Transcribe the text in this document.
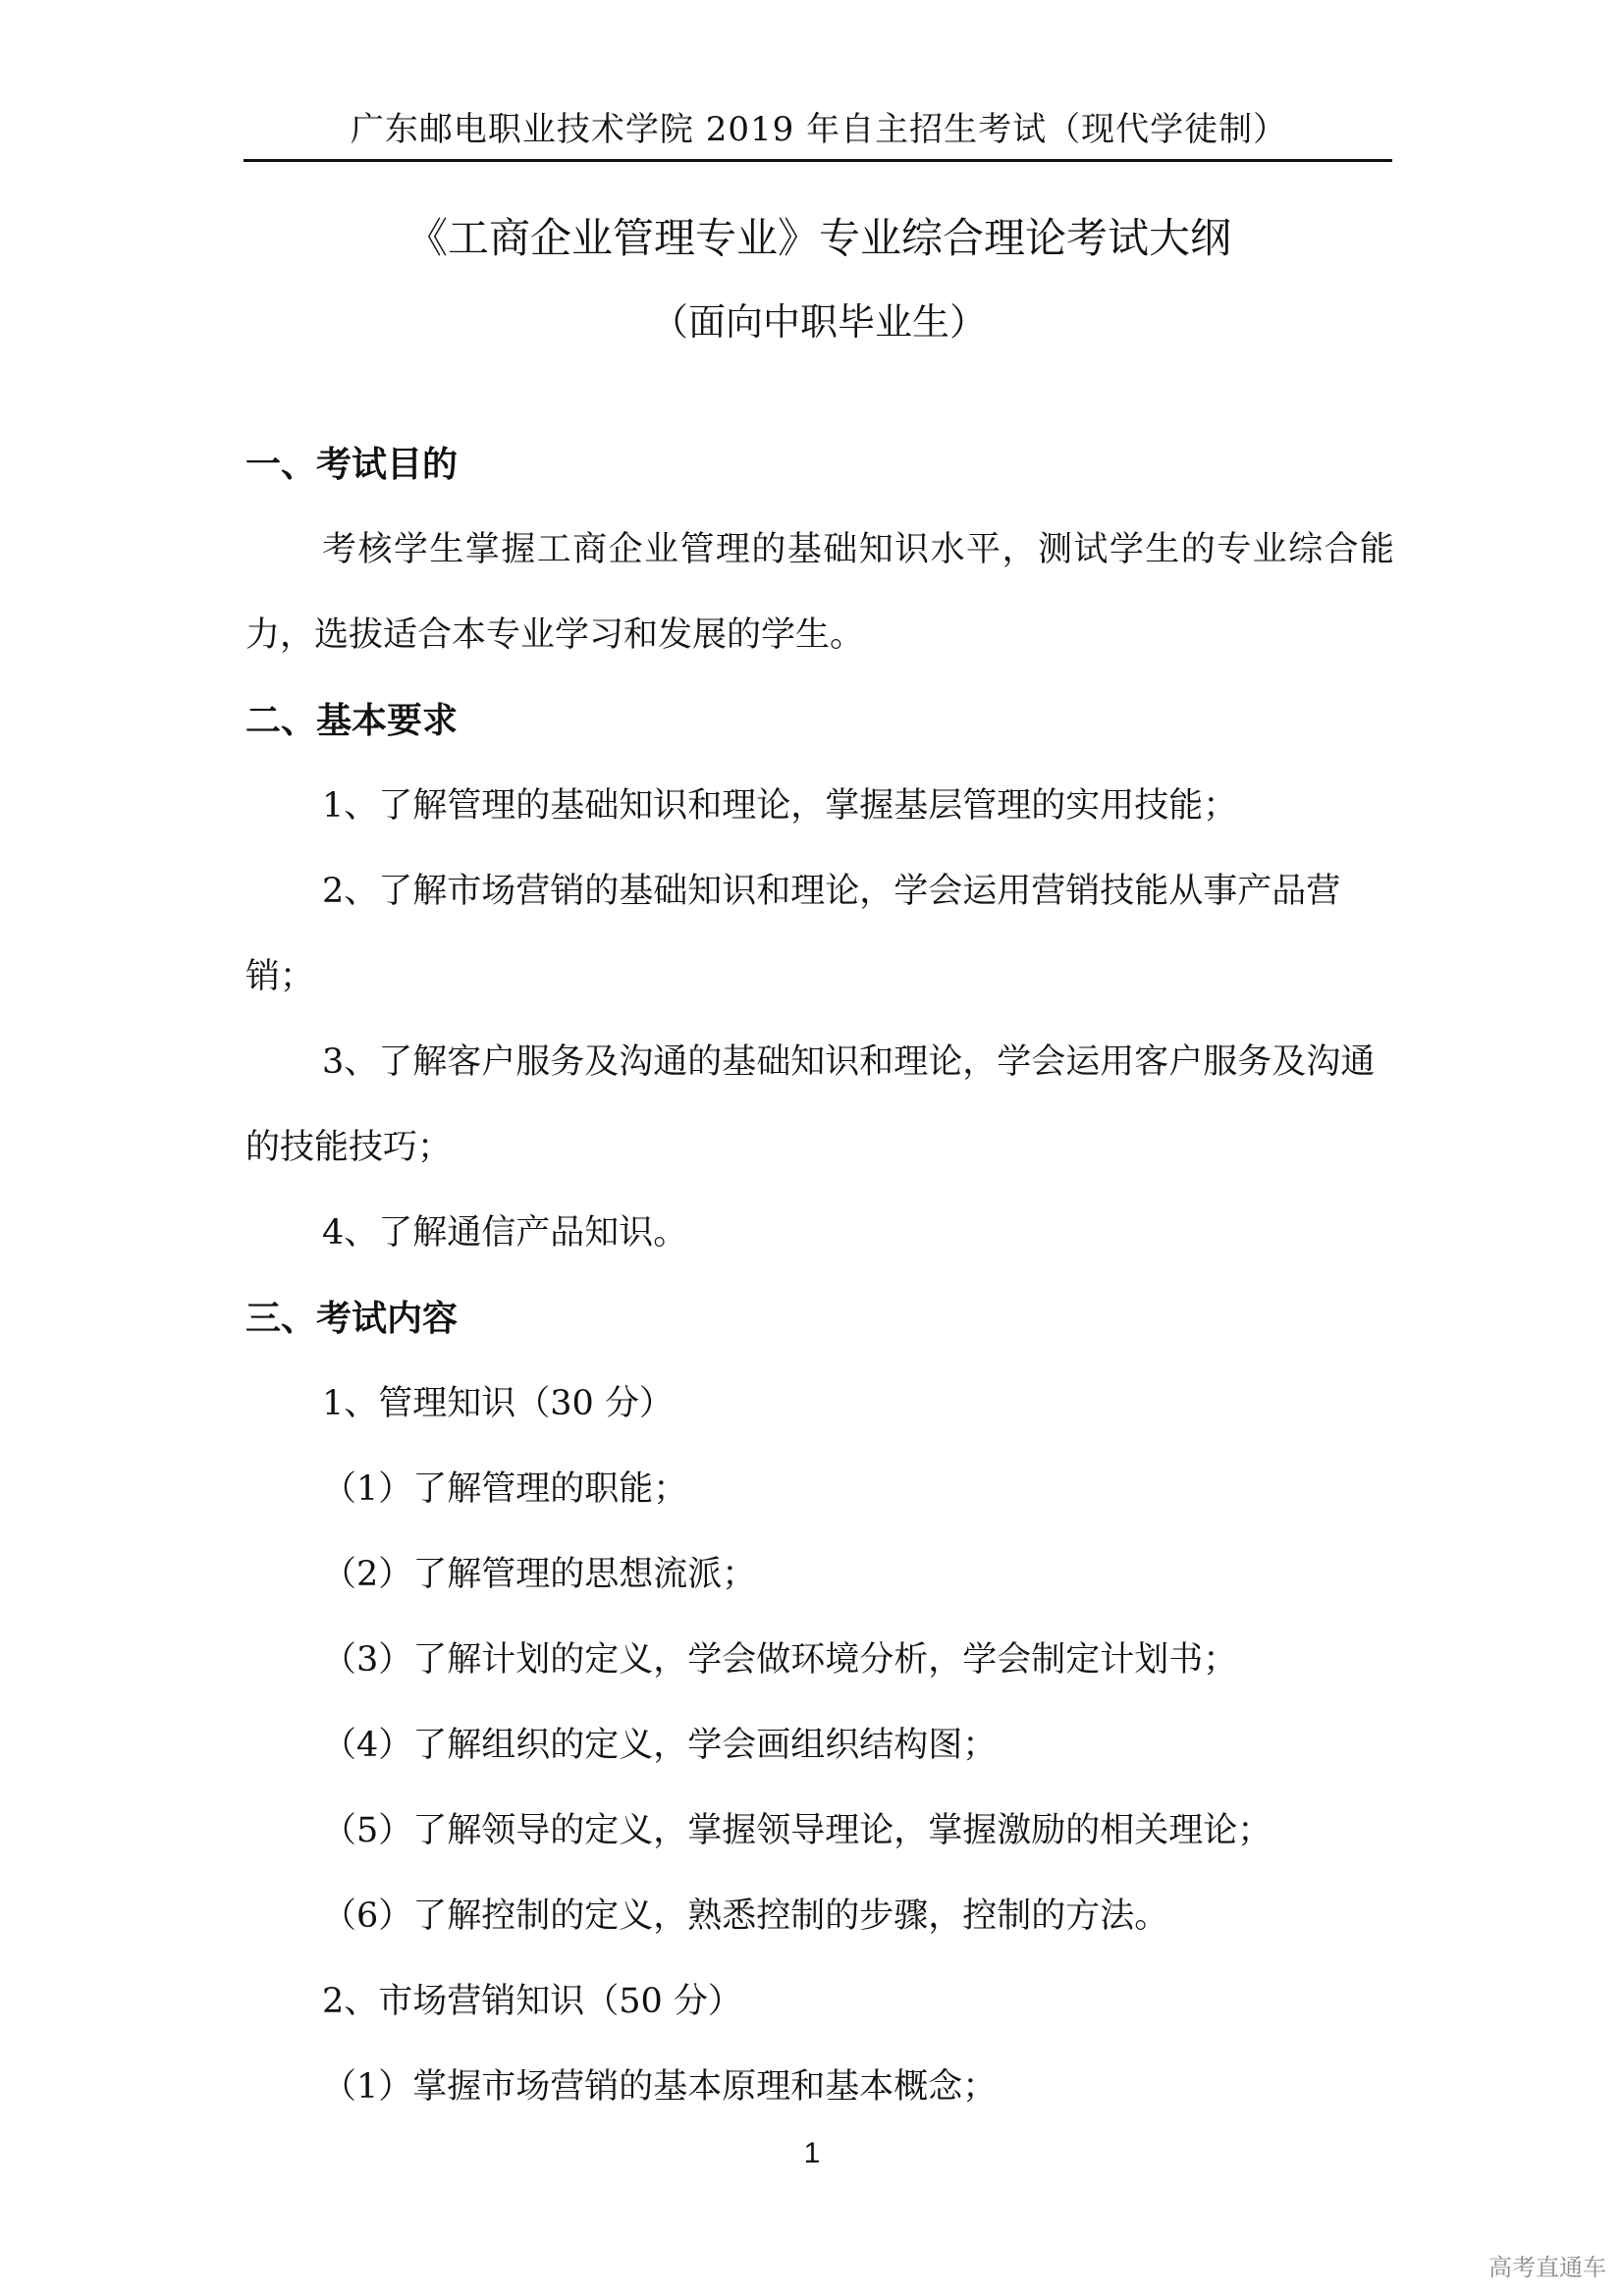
广东邮电职业技术学院 2019 年自主招生考试（现代学徒制）
《工商企业管理专业》专业综合理论考试大纲
（面向中职毕业生）

一、考试目的

考核学生掌握工商企业管理的基础知识水平，测试学生的专业综合能力，选拔适合本专业学习和发展的学生。

二、基本要求

1、了解管理的基础知识和理论，掌握基层管理的实用技能；

2、了解市场营销的基础知识和理论，学会运用营销技能从事产品营销；

3、了解客户服务及沟通的基础知识和理论，学会运用客户服务及沟通的技能技巧；

4、了解通信产品知识。

三、考试内容

1、管理知识（30 分）

（1）了解管理的职能；

（2）了解管理的思想流派；

（3）了解计划的定义，学会做环境分析，学会制定计划书；

（4）了解组织的定义，学会画组织结构图；

（5）了解领导的定义，掌握领导理论，掌握激励的相关理论；

（6）了解控制的定义，熟悉控制的步骤，控制的方法。

2、市场营销知识（50 分）

（1）掌握市场营销的基本原理和基本概念；

1
高考直通车
